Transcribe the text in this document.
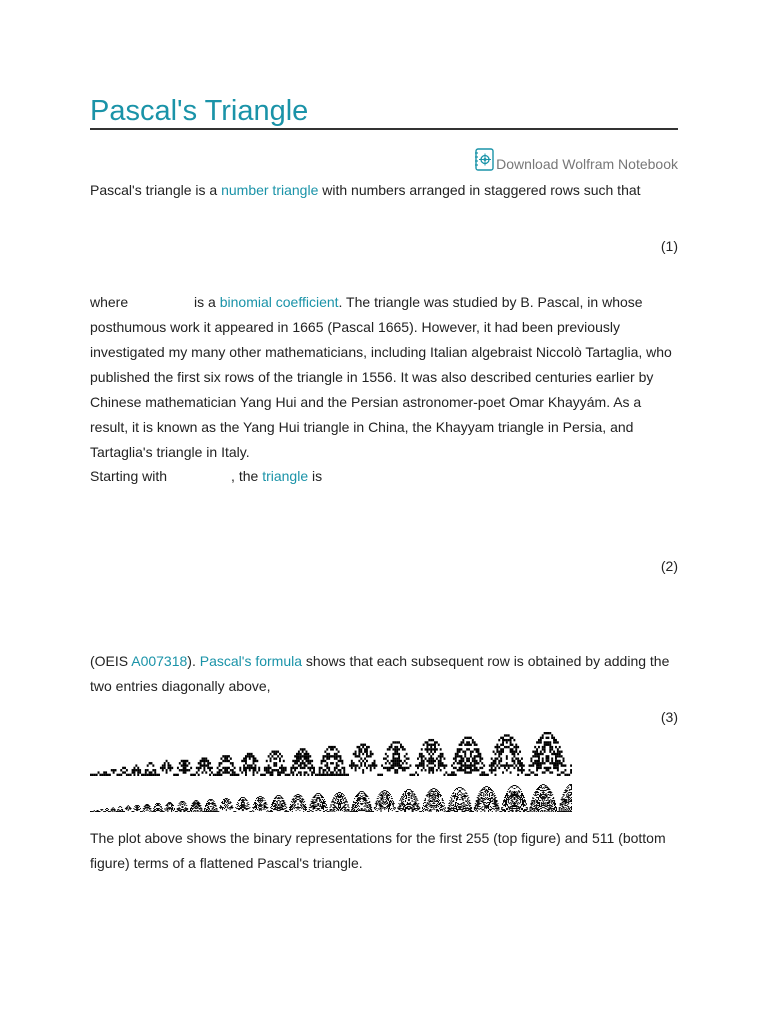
Pascal's Triangle
Download Wolfram Notebook
Pascal's triangle is a number triangle with numbers arranged in staggered rows such that
(1)
where	is a binomial coefficient. The triangle was studied by B. Pascal, in whose posthumous work it appeared in 1665 (Pascal 1665). However, it had been previously investigated my many other mathematicians, including Italian algebraist Niccolò Tartaglia, who published the first six rows of the triangle in 1556. It was also described centuries earlier by Chinese mathematician Yang Hui and the Persian astronomer-poet Omar Khayyám. As a result, it is known as the Yang Hui triangle in China, the Khayyam triangle in Persia, and Tartaglia's triangle in Italy.
Starting with	, the triangle is
(2)
(OEIS A007318). Pascal's formula shows that each subsequent row is obtained by adding the two entries diagonally above,
(3)
The plot above shows the binary representations for the first 255 (top figure) and 511 (bottom figure) terms of a flattened Pascal's triangle.
